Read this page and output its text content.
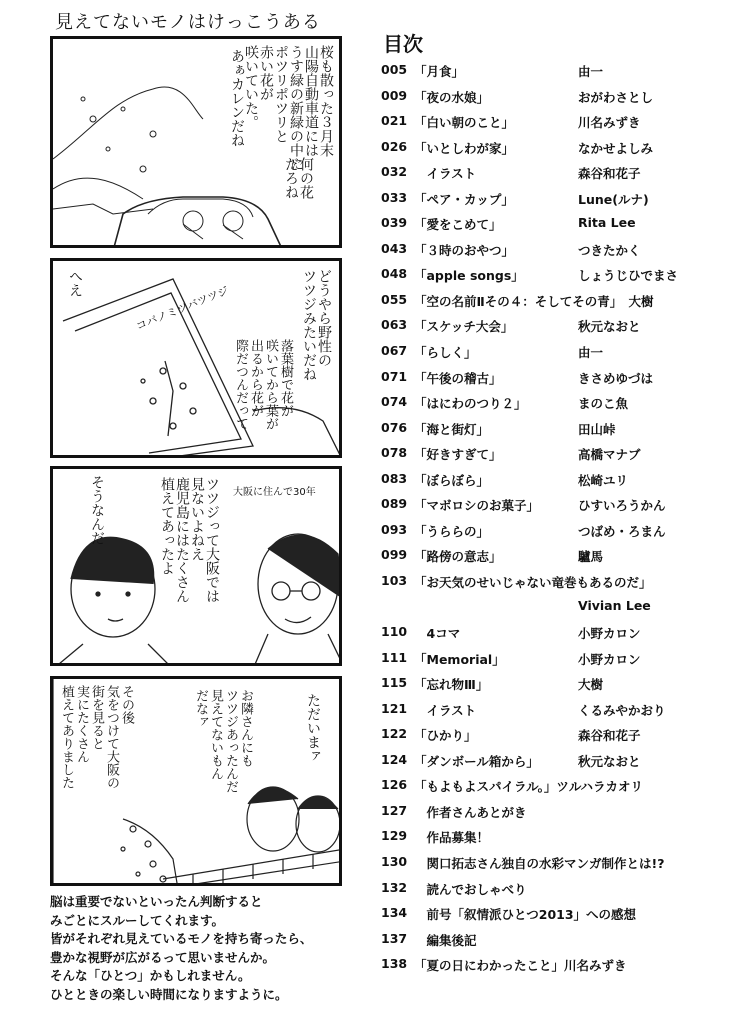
見えてないモノはけっこうある
桜も散った３月末
山陽自動車道には
うす緑の新緑の中に
ポツリポツリと
赤い花が
咲いていた。
あぁカレンだね
何の花
だろね
コバノミツバツツジ	どうやら野性の
ツツジみたいだね
へえ
落葉樹で花が
咲いてから葉が
出るから花が
際だつんだって
そうなんだ	ツツジって大阪では
見ないよねえ
鹿児島にはたくさん
植えてあったよ	大阪に住んで30年
その後
気をつけて大阪の
街を見ると
実にたくさん
植えてありました	お隣さんにも
ツツジあったんだ
見えてないもん
だなァ	ただいまァ
脳は重要でないといったん判断すると
みごとにスルーしてくれます。
皆がそれぞれ見えているモノを持ち寄ったら、
豊かな視野が広がるって思いませんか。
そんな「ひとつ」かもしれません。
ひとときの楽しい時間になりますように。
目次
005 「月食」	由一
009 「夜の水娘」	おがわさとし
021 「白い朝のこと」	川名みずき
026 「いとしわが家」	なかせよしみ
032 　イラスト	森谷和花子
033 「ペア・カップ」	Lune(ルナ)
039 「愛をこめて」	Rita Lee
043 「３時のおやつ」	つきたかく
048 「apple songs」	しょうじひでまさ
055 「空の名前Ⅱその４：そしてその青」　大樹
063 「スケッチ大会」	秋元なおと
067 「らしく」	由一
071 「午後の稽古」	きさめゆづは
074 「はにわのつり２」	まのこ魚
076 「海と街灯」	田山峠
078 「好きすぎて」	高橋マナブ
083 「ぼらぼら」	松崎ユリ
089 「マボロシのお菓子」	ひすいろうかん
093 「うららの」	つばめ・ろまん
099 「路傍の意志」	驢馬
103 「お天気のせいじゃない竜巻もあるのだ」
Vivian Lee
110 　4コマ	小野カロン
111 「Memorial」	小野カロン
115 「忘れ物Ⅲ」	大樹
121 　イラスト	くるみやかおり
122 「ひかり」	森谷和花子
124 「ダンボール箱から」	秋元なおと
126 「もよもよスパイラル。」ツルハラカオリ
127 　作者さんあとがき
129 　作品募集！
130 　関口拓志さん独自の水彩マンガ制作とは!?
132 　読んでおしゃべり
134 　前号「叙情派ひとつ2013」への感想
137 　編集後記
138 「夏の日にわかったこと」川名みずき
